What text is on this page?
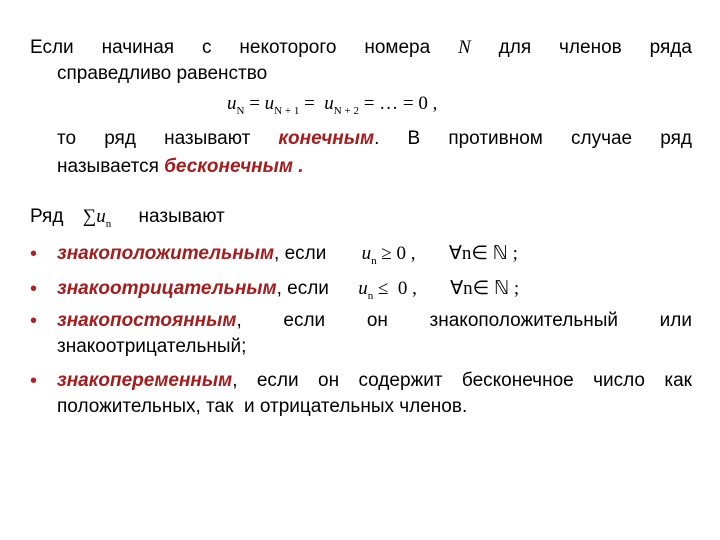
Если начиная с некоторого номера N для членов ряда
справедливо равенство
$u_N = u_{N + 1} = u_{N + 2}$ = … = 0 ,
то ряд называют конечным. В противном случае ряд
называется бесконечным .
Ряд $\sum u_n$ называют
• знакоположительным, если $u_n \ge 0$ , ∀n∈ ℕ ;
• знакоотрицательным, если $u_n \le 0$ , ∀n∈ ℕ ;
• знакопостоянным, если он знакоположительный или
знакоотрицательный;
• знакопеременным, если он содержит бесконечное число как
положительных, так  и отрицательных членов.
